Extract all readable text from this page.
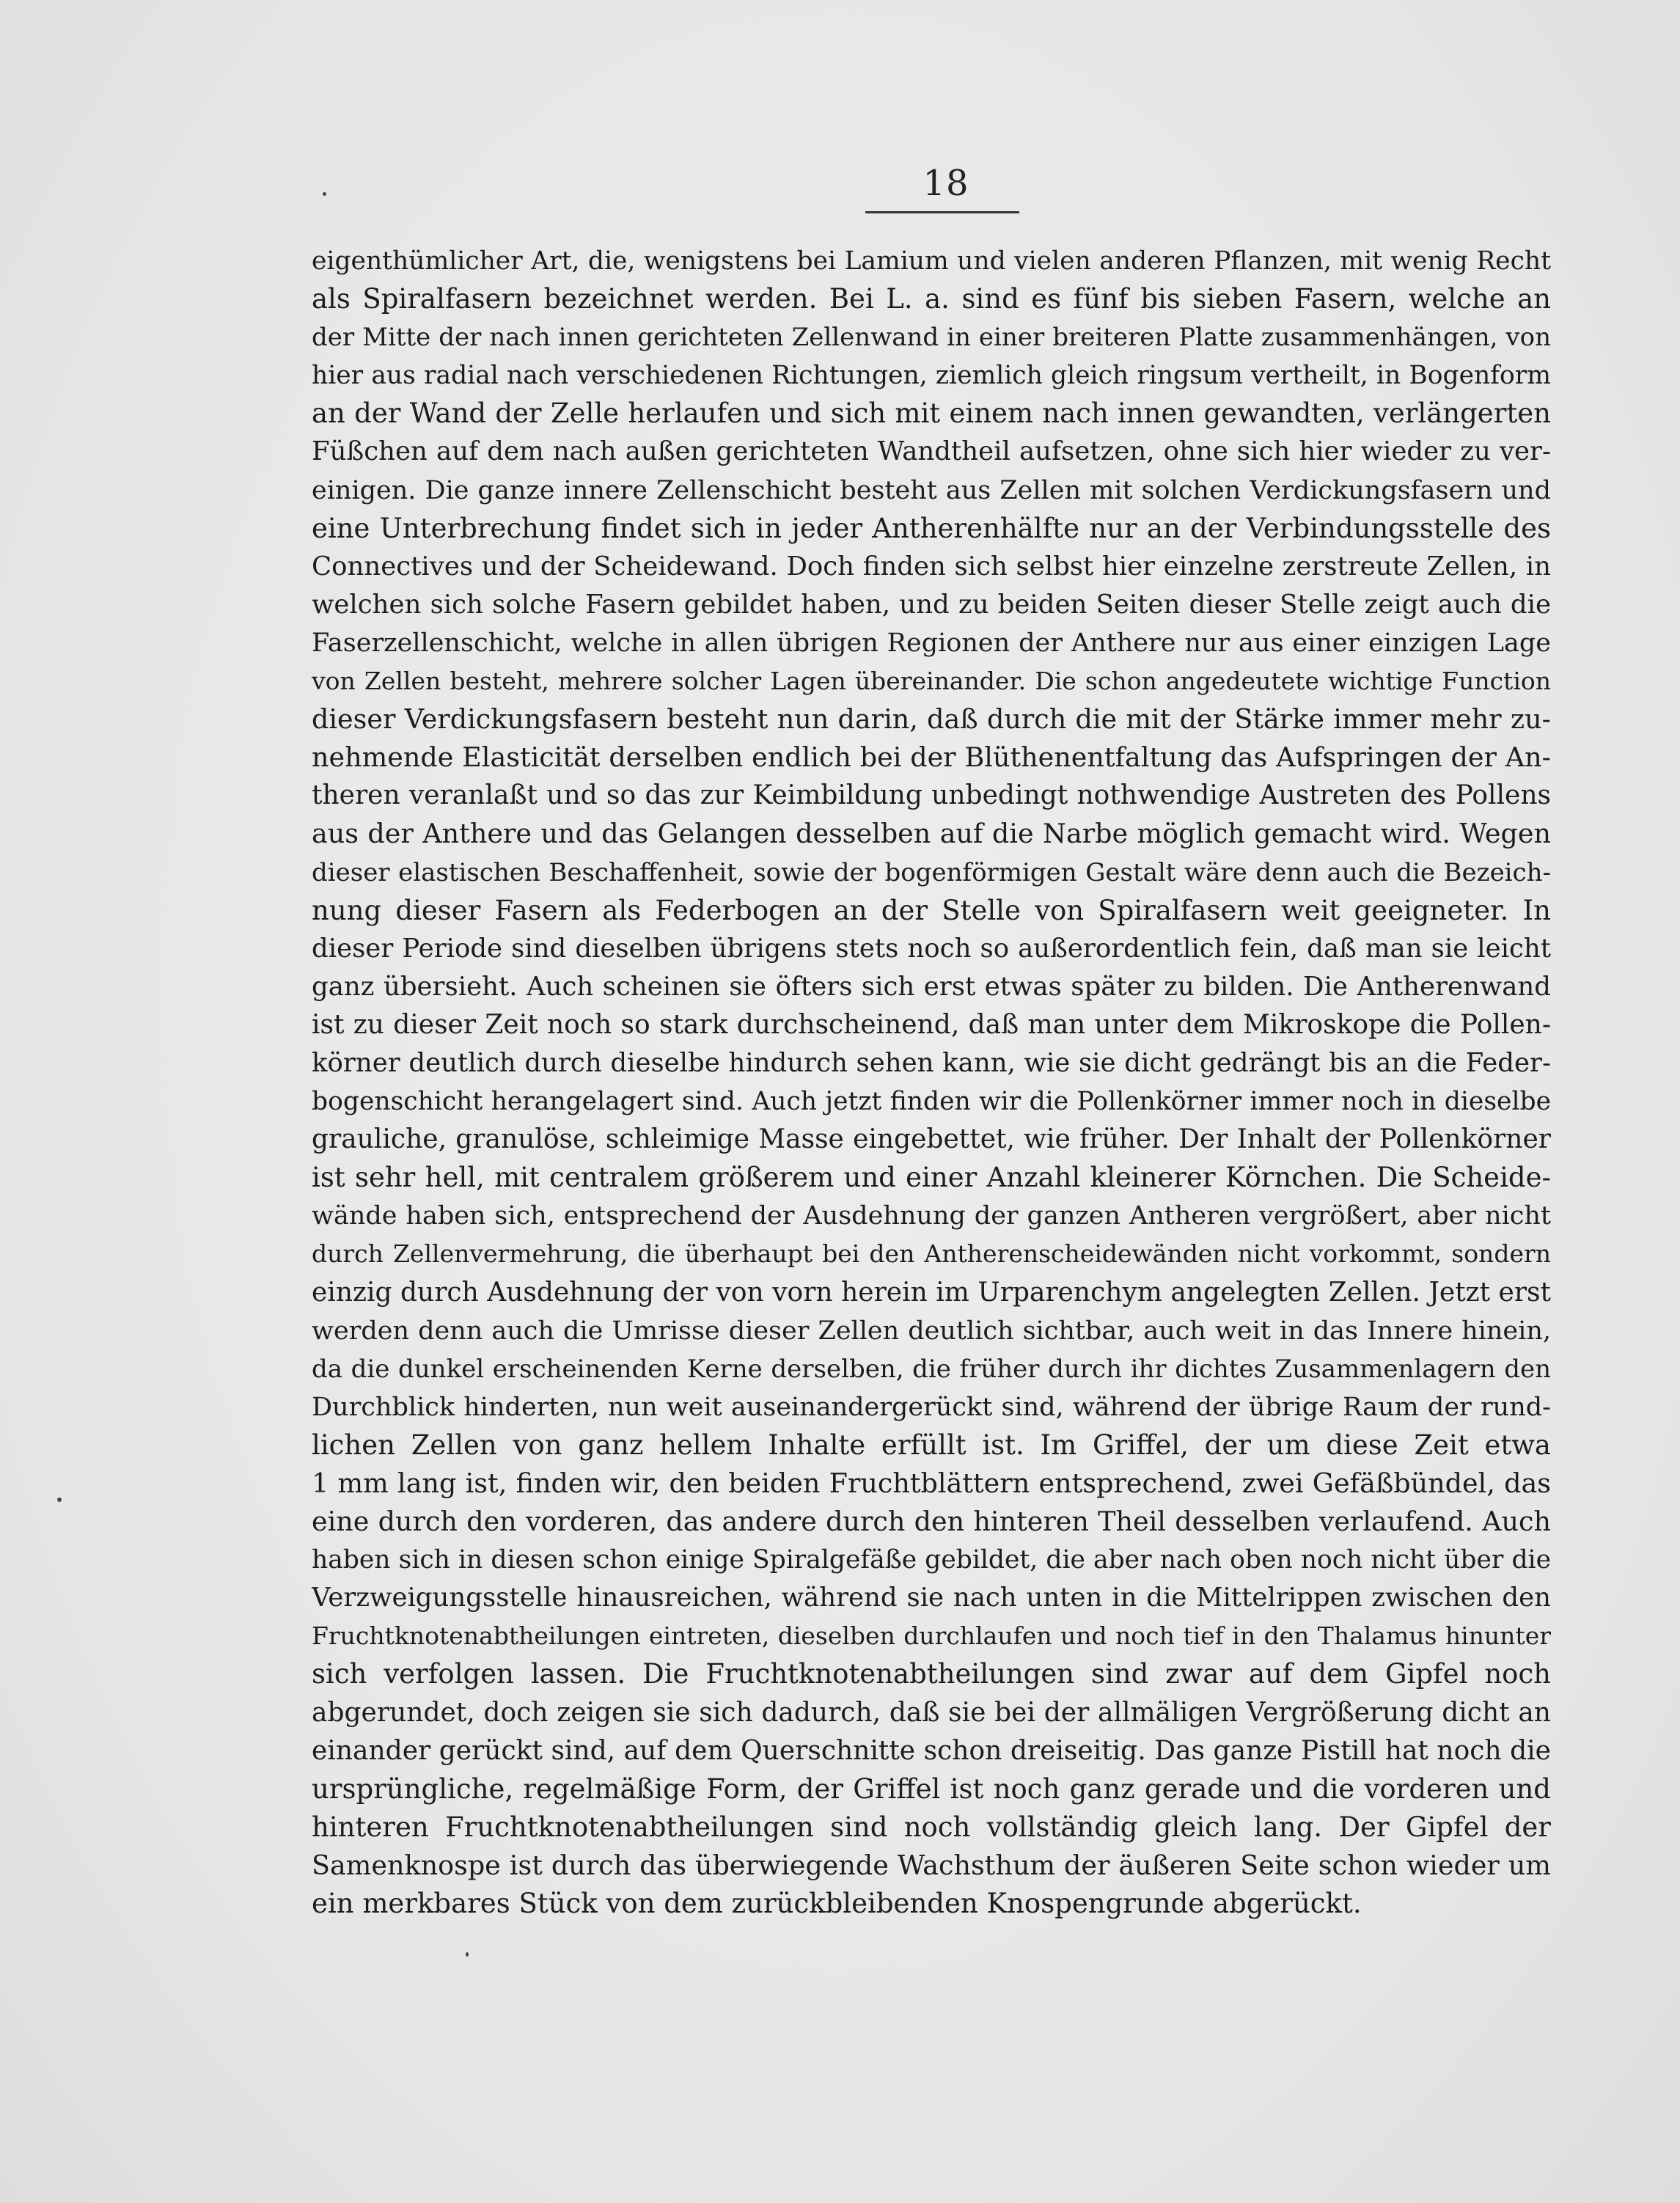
18
eigenthümlicher Art, die, wenigstens bei Lamium und vielen anderen Pflanzen, mit wenig Recht
als Spiralfasern bezeichnet werden. Bei L. a. sind es fünf bis sieben Fasern, welche an
der Mitte der nach innen gerichteten Zellenwand in einer breiteren Platte zusammenhängen, von
hier aus radial nach verschiedenen Richtungen, ziemlich gleich ringsum vertheilt, in Bogenform
an der Wand der Zelle herlaufen und sich mit einem nach innen gewandten, verlängerten
Füßchen auf dem nach außen gerichteten Wandtheil aufsetzen, ohne sich hier wieder zu ver-
einigen. Die ganze innere Zellenschicht besteht aus Zellen mit solchen Verdickungsfasern und
eine Unterbrechung findet sich in jeder Antherenhälfte nur an der Verbindungsstelle des
Connectives und der Scheidewand. Doch finden sich selbst hier einzelne zerstreute Zellen, in
welchen sich solche Fasern gebildet haben, und zu beiden Seiten dieser Stelle zeigt auch die
Faserzellenschicht, welche in allen übrigen Regionen der Anthere nur aus einer einzigen Lage
von Zellen besteht, mehrere solcher Lagen übereinander. Die schon angedeutete wichtige Function
dieser Verdickungsfasern besteht nun darin, daß durch die mit der Stärke immer mehr zu-
nehmende Elasticität derselben endlich bei der Blüthenentfaltung das Aufspringen der An-
theren veranlaßt und so das zur Keimbildung unbedingt nothwendige Austreten des Pollens
aus der Anthere und das Gelangen desselben auf die Narbe möglich gemacht wird. Wegen
dieser elastischen Beschaffenheit, sowie der bogenförmigen Gestalt wäre denn auch die Bezeich-
nung dieser Fasern als Federbogen an der Stelle von Spiralfasern weit geeigneter. In
dieser Periode sind dieselben übrigens stets noch so außerordentlich fein, daß man sie leicht
ganz übersieht. Auch scheinen sie öfters sich erst etwas später zu bilden. Die Antherenwand
ist zu dieser Zeit noch so stark durchscheinend, daß man unter dem Mikroskope die Pollen-
körner deutlich durch dieselbe hindurch sehen kann, wie sie dicht gedrängt bis an die Feder-
bogenschicht herangelagert sind. Auch jetzt finden wir die Pollenkörner immer noch in dieselbe
grauliche, granulöse, schleimige Masse eingebettet, wie früher. Der Inhalt der Pollenkörner
ist sehr hell, mit centralem größerem und einer Anzahl kleinerer Körnchen. Die Scheide-
wände haben sich, entsprechend der Ausdehnung der ganzen Antheren vergrößert, aber nicht
durch Zellenvermehrung, die überhaupt bei den Antherenscheidewänden nicht vorkommt, sondern
einzig durch Ausdehnung der von vorn herein im Urparenchym angelegten Zellen. Jetzt erst
werden denn auch die Umrisse dieser Zellen deutlich sichtbar, auch weit in das Innere hinein,
da die dunkel erscheinenden Kerne derselben, die früher durch ihr dichtes Zusammenlagern den
Durchblick hinderten, nun weit auseinandergerückt sind, während der übrige Raum der rund-
lichen Zellen von ganz hellem Inhalte erfüllt ist. Im Griffel, der um diese Zeit etwa
1 mm lang ist, finden wir, den beiden Fruchtblättern entsprechend, zwei Gefäßbündel, das
eine durch den vorderen, das andere durch den hinteren Theil desselben verlaufend. Auch
haben sich in diesen schon einige Spiralgefäße gebildet, die aber nach oben noch nicht über die
Verzweigungsstelle hinausreichen, während sie nach unten in die Mittelrippen zwischen den
Fruchtknotenabtheilungen eintreten, dieselben durchlaufen und noch tief in den Thalamus hinunter
sich verfolgen lassen. Die Fruchtknotenabtheilungen sind zwar auf dem Gipfel noch
abgerundet, doch zeigen sie sich dadurch, daß sie bei der allmäligen Vergrößerung dicht an
einander gerückt sind, auf dem Querschnitte schon dreiseitig. Das ganze Pistill hat noch die
ursprüngliche, regelmäßige Form, der Griffel ist noch ganz gerade und die vorderen und
hinteren Fruchtknotenabtheilungen sind noch vollständig gleich lang. Der Gipfel der
Samenknospe ist durch das überwiegende Wachsthum der äußeren Seite schon wieder um
ein merkbares Stück von dem zurückbleibenden Knospengrunde abgerückt.
